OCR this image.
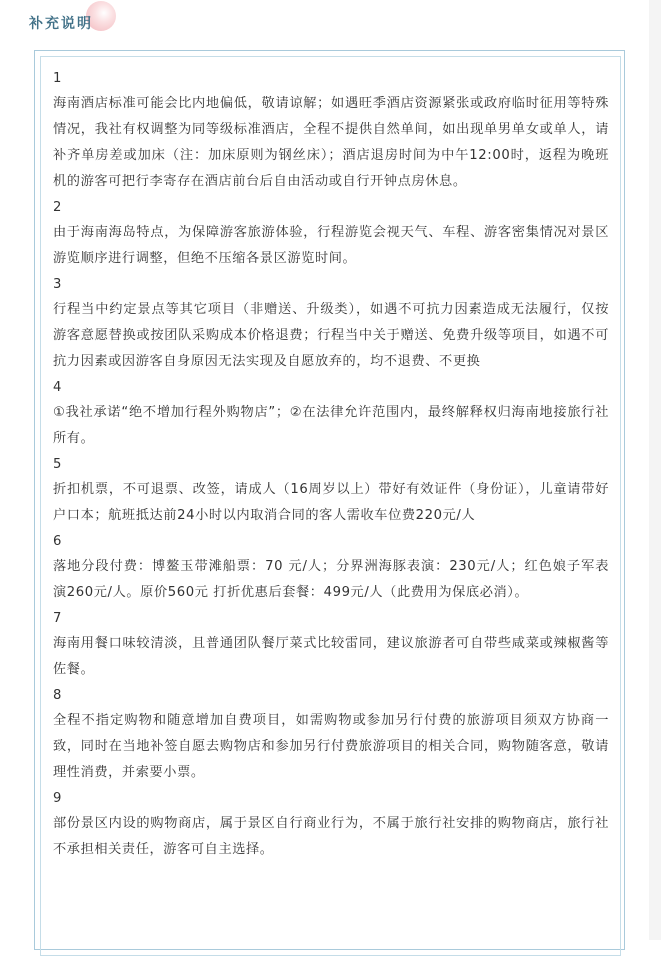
补充说明
1
海南酒店标准可能会比内地偏低，敬请谅解；如遇旺季酒店资源紧张或政府临时征用等特殊情况，我社有权调整为同等级标准酒店，全程不提供自然单间，如出现单男单女或单人，请补齐单房差或加床（注：加床原则为钢丝床）；酒店退房时间为中午12:00时，返程为晚班机的游客可把行李寄存在酒店前台后自由活动或自行开钟点房休息。
2
由于海南海岛特点，为保障游客旅游体验，行程游览会视天气、车程、游客密集情况对景区游览顺序进行调整，但绝不压缩各景区游览时间。
3
行程当中约定景点等其它项目（非赠送、升级类），如遇不可抗力因素造成无法履行，仅按游客意愿替换或按团队采购成本价格退费；行程当中关于赠送、免费升级等项目，如遇不可抗力因素或因游客自身原因无法实现及自愿放弃的，均不退费、不更换
4
①我社承诺“绝不增加行程外购物店”；②在法律允许范围内，最终解释权归海南地接旅行社所有。
5
折扣机票，不可退票、改签，请成人（16周岁以上）带好有效证件（身份证），儿童请带好户口本；航班抵达前24小时以内取消合同的客人需收车位费220元/人
6
落地分段付费：博鳌玉带滩船票：70 元/人；分界洲海豚表演：230元/人；红色娘子军表演260元/人。原价560元 打折优惠后套餐：499元/人（此费用为保底必消）。
7
海南用餐口味较清淡，且普通团队餐厅菜式比较雷同，建议旅游者可自带些咸菜或辣椒酱等佐餐。
8
全程不指定购物和随意增加自费项目，如需购物或参加另行付费的旅游项目须双方协商一致，同时在当地补签自愿去购物店和参加另行付费旅游项目的相关合同，购物随客意，敬请理性消费，并索要小票。
9
部份景区内设的购物商店，属于景区自行商业行为，不属于旅行社安排的购物商店，旅行社不承担相关责任，游客可自主选择。
